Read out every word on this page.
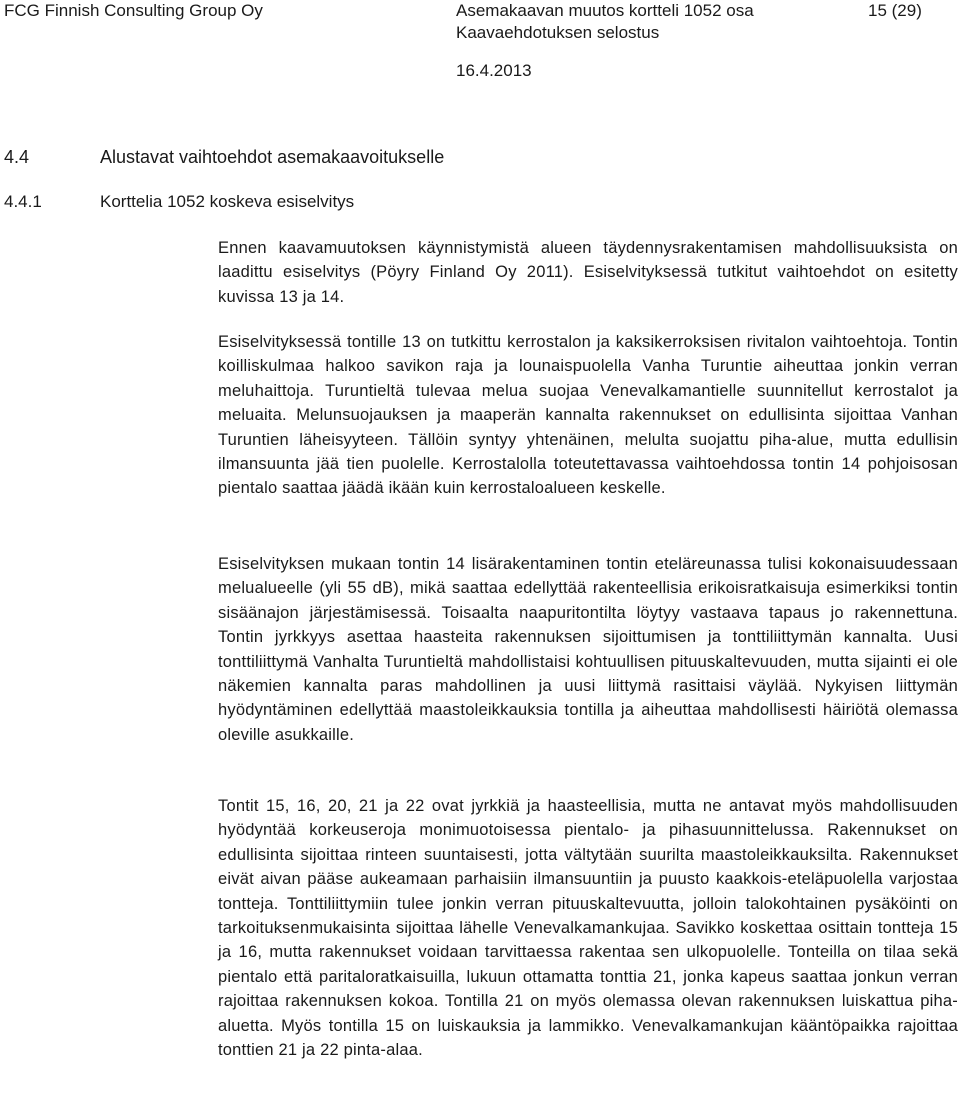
FCG Finnish Consulting Group Oy	Asemakaavan muutos kortteli 1052 osa
Kaavaehdotuksen selostus
15 (29)
16.4.2013
4.4	Alustavat vaihtoehdot asemakaavoitukselle
4.4.1	Korttelia 1052 koskeva esiselvitys

Ennen kaavamuutoksen käynnistymistä alueen täydennysrakentamisen mahdollisuuksista on laadittu esiselvitys (Pöyry Finland Oy 2011). Esiselvityksessä tutkitut vaihtoehdot on esitetty kuvissa 13 ja 14.

Esiselvityksessä tontille 13 on tutkittu kerrostalon ja kaksikerroksisen rivitalon vaihtoehtoja. Tontin koilliskulmaa halkoo savikon raja ja lounaispuolella Vanha Turuntie aiheuttaa jonkin verran meluhaittoja. Turuntieltä tulevaa melua suojaa Venevalkamantielle suunnitellut kerrostalot ja meluaita. Melunsuojauksen ja maaperän kannalta rakennukset on edullisinta sijoittaa Vanhan Turuntien läheisyyteen. Tällöin syntyy yhtenäinen, melulta suojattu piha-alue, mutta edullisin ilmansuunta jää tien puolelle. Kerrostalolla toteutettavassa vaihtoehdossa tontin 14 pohjoisosan pientalo saattaa jäädä ikään kuin kerrostaloalueen keskelle.

Esiselvityksen mukaan tontin 14 lisärakentaminen tontin eteläreunassa tulisi kokonaisuudessaan melualueelle (yli 55 dB), mikä saattaa edellyttää rakenteellisia erikoisratkaisuja esimerkiksi tontin sisäänajon järjestämisessä. Toisaalta naapuritontilta löytyy vastaava tapaus jo rakennettuna. Tontin jyrkkyys asettaa haasteita rakennuksen sijoittumisen ja tonttiliittymän kannalta. Uusi tonttiliittymä Vanhalta Turuntieltä mahdollistaisi kohtuullisen pituuskaltevuuden, mutta sijainti ei ole näkemien kannalta paras mahdollinen ja uusi liittymä rasittaisi väylää. Nykyisen liittymän hyödyntäminen edellyttää maastoleikkauksia tontilla ja aiheuttaa mahdollisesti häiriötä olemassa oleville asukkaille.

Tontit 15, 16, 20, 21 ja 22 ovat jyrkkiä ja haasteellisia, mutta ne antavat myös mahdollisuuden hyödyntää korkeuseroja monimuotoisessa pientalo- ja pihasuunnittelussa. Rakennukset on edullisinta sijoittaa rinteen suuntaisesti, jotta vältytään suurilta maastoleikkauksilta. Rakennukset eivät aivan pääse aukeamaan parhaisiin ilmansuuntiin ja puusto kaakkois-eteläpuolella varjostaa tontteja. Tonttiliittymiin tulee jonkin verran pituuskaltevuutta, jolloin talokohtainen pysäköinti on tarkoituksenmukaisinta sijoittaa lähelle Venevalkamankujaa. Savikko koskettaa osittain tontteja 15 ja 16, mutta rakennukset voidaan tarvittaessa rakentaa sen ulkopuolelle. Tonteilla on tilaa sekä pientalo että paritaloratkaisuilla, lukuun ottamatta tonttia 21, jonka kapeus saattaa jonkun verran rajoittaa rakennuksen kokoa. Tontilla 21 on myös olemassa olevan rakennuksen luiskattua piha-aluetta. Myös tontilla 15 on luiskauksia ja lammikko. Venevalkamankujan kääntöpaikka rajoittaa tonttien 21 ja 22 pinta-alaa.
